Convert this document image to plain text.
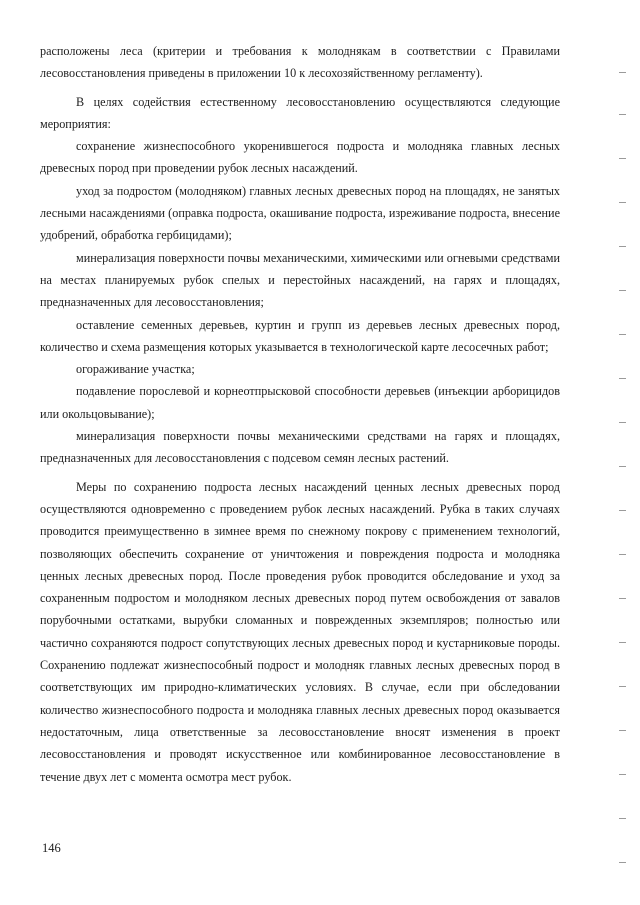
расположены леса (критерии и требования к молоднякам в соответствии с Правилами лесовосстановления приведены в приложении 10 к лесохозяйственному регламенту).

В целях содействия естественному лесовосстановлению осуществляются следующие мероприятия:

сохранение жизнеспособного укоренившегося подроста и молодняка главных лесных древесных пород при проведении рубок лесных насаждений.

уход за подростом (молодняком) главных лесных древесных пород на площадях, не занятых лесными насаждениями (оправка подроста, окашивание подроста, изреживание подроста, внесение удобрений, обработка гербицидами);

минерализация поверхности почвы механическими, химическими или огневыми средствами на местах планируемых рубок спелых и перестойных насаждений, на гарях и площадях, предназначенных для лесовосстановления;

оставление семенных деревьев, куртин и групп из деревьев лесных древесных пород, количество и схема размещения которых указывается в технологической карте лесосечных работ;

огораживание участка;

подавление порослевой и корнеотпрысковой способности деревьев (инъекции арборицидов или окольцовывание);

минерализация поверхности почвы механическими средствами на гарях и площадях, предназначенных для лесовосстановления с подсевом семян лесных растений.

Меры по сохранению подроста лесных насаждений ценных лесных древесных пород осуществляются одновременно с проведением рубок лесных насаждений. Рубка в таких случаях проводится преимущественно в зимнее время по снежному покрову с применением технологий, позволяющих обеспечить сохранение от уничтожения и повреждения подроста и молодняка ценных лесных древесных пород. После проведения рубок проводится обследование и уход за сохраненным подростом и молодняком лесных древесных пород путем освобождения от завалов порубочными остатками, вырубки сломанных и поврежденных экземпляров; полностью или частично сохраняются подрост сопутствующих лесных древесных пород и кустарниковые породы. Сохранению подлежат жизнеспособный подрост и молодняк главных лесных древесных пород в соответствующих им природно-климатических условиях. В случае, если при обследовании количество жизнеспособного подроста и молодняка главных лесных древесных пород оказывается недостаточным, лица ответственные за лесовосстановление вносят изменения в проект лесовосстановления и проводят искусственное или комбинированное лесовосстановление в течение двух лет с момента осмотра мест рубок.

146
